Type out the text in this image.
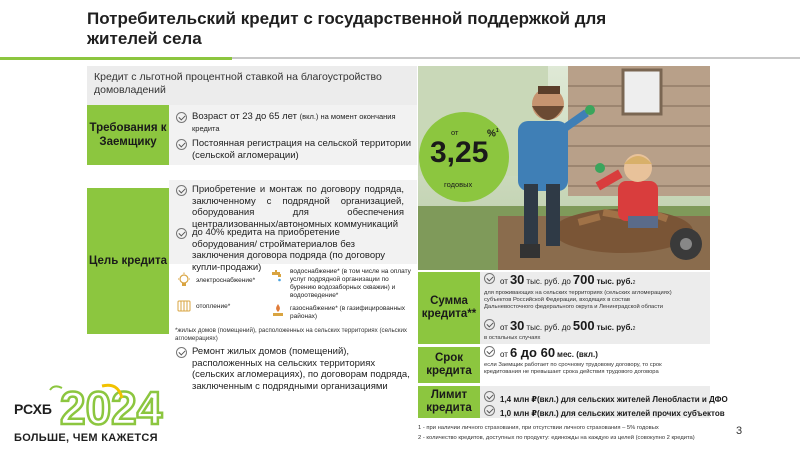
Потребительский кредит с государственной поддержкой для жителей села
Кредит с льготной процентной ставкой на благоустройство домовладений
Требования к Заемщику
Возраст от 23 до 65 лет (вкл.) на момент окончания кредита
Постоянная регистрация на сельской территории (сельской агломерации)
Цель кредита
Приобретение и монтаж по договору подряда, заключенному с подрядной организацией, оборудования для обеспечения централизованных/автономных коммуникаций
до 40% кредита на приобретение оборудования/ стройматериалов без заключения договора подряда (по договору купли-продажи)
электроснабжение*
водоснабжение* (в том числе на оплату услуг подрядной организации по бурению водозаборных скважин) и водоотведение*
отопление*	газоснабжение* (в газифицированных районах)
*жилых домов (помещений), расположенных на сельских территориях (сельских агломерациях)
Ремонт жилых домов (помещений), расположенных на сельских территориях (сельских агломерациях), по договорам подряда, заключенным с подрядными организациями
от
3,25
%$^1$
годовых
Сумма кредита**
от 30 тыс. руб. до 700 тыс. руб. 2
для проживающих на сельских территориях (сельских агломерациях) субъектов Российской Федерации, входящих в состав Дальневосточного федерального округа и Ленинградской области
от 30 тыс. руб. до 500 тыс. руб. 2
в остальных случаях
Срок кредита
от 6 до 60 мес. (вкл.)
если Заемщик работает по срочному трудовому договору, то срок кредитования не превышает срока действия трудового договора
Лимит кредита
1,4 млн ₽ (вкл.) для сельских жителей Ленобласти и ДФО
1,0 млн ₽ (вкл.) для сельских жителей прочих субъектов
1 - при наличии личного страхования, при отсутствии личного страхования – 5% годовых
2 - количество кредитов, доступных по продукту: единожды на каждую из целей (совокупно 2 кредита)
3
РСХБ 2024
БОЛЬШЕ, ЧЕМ КАЖЕТСЯ
